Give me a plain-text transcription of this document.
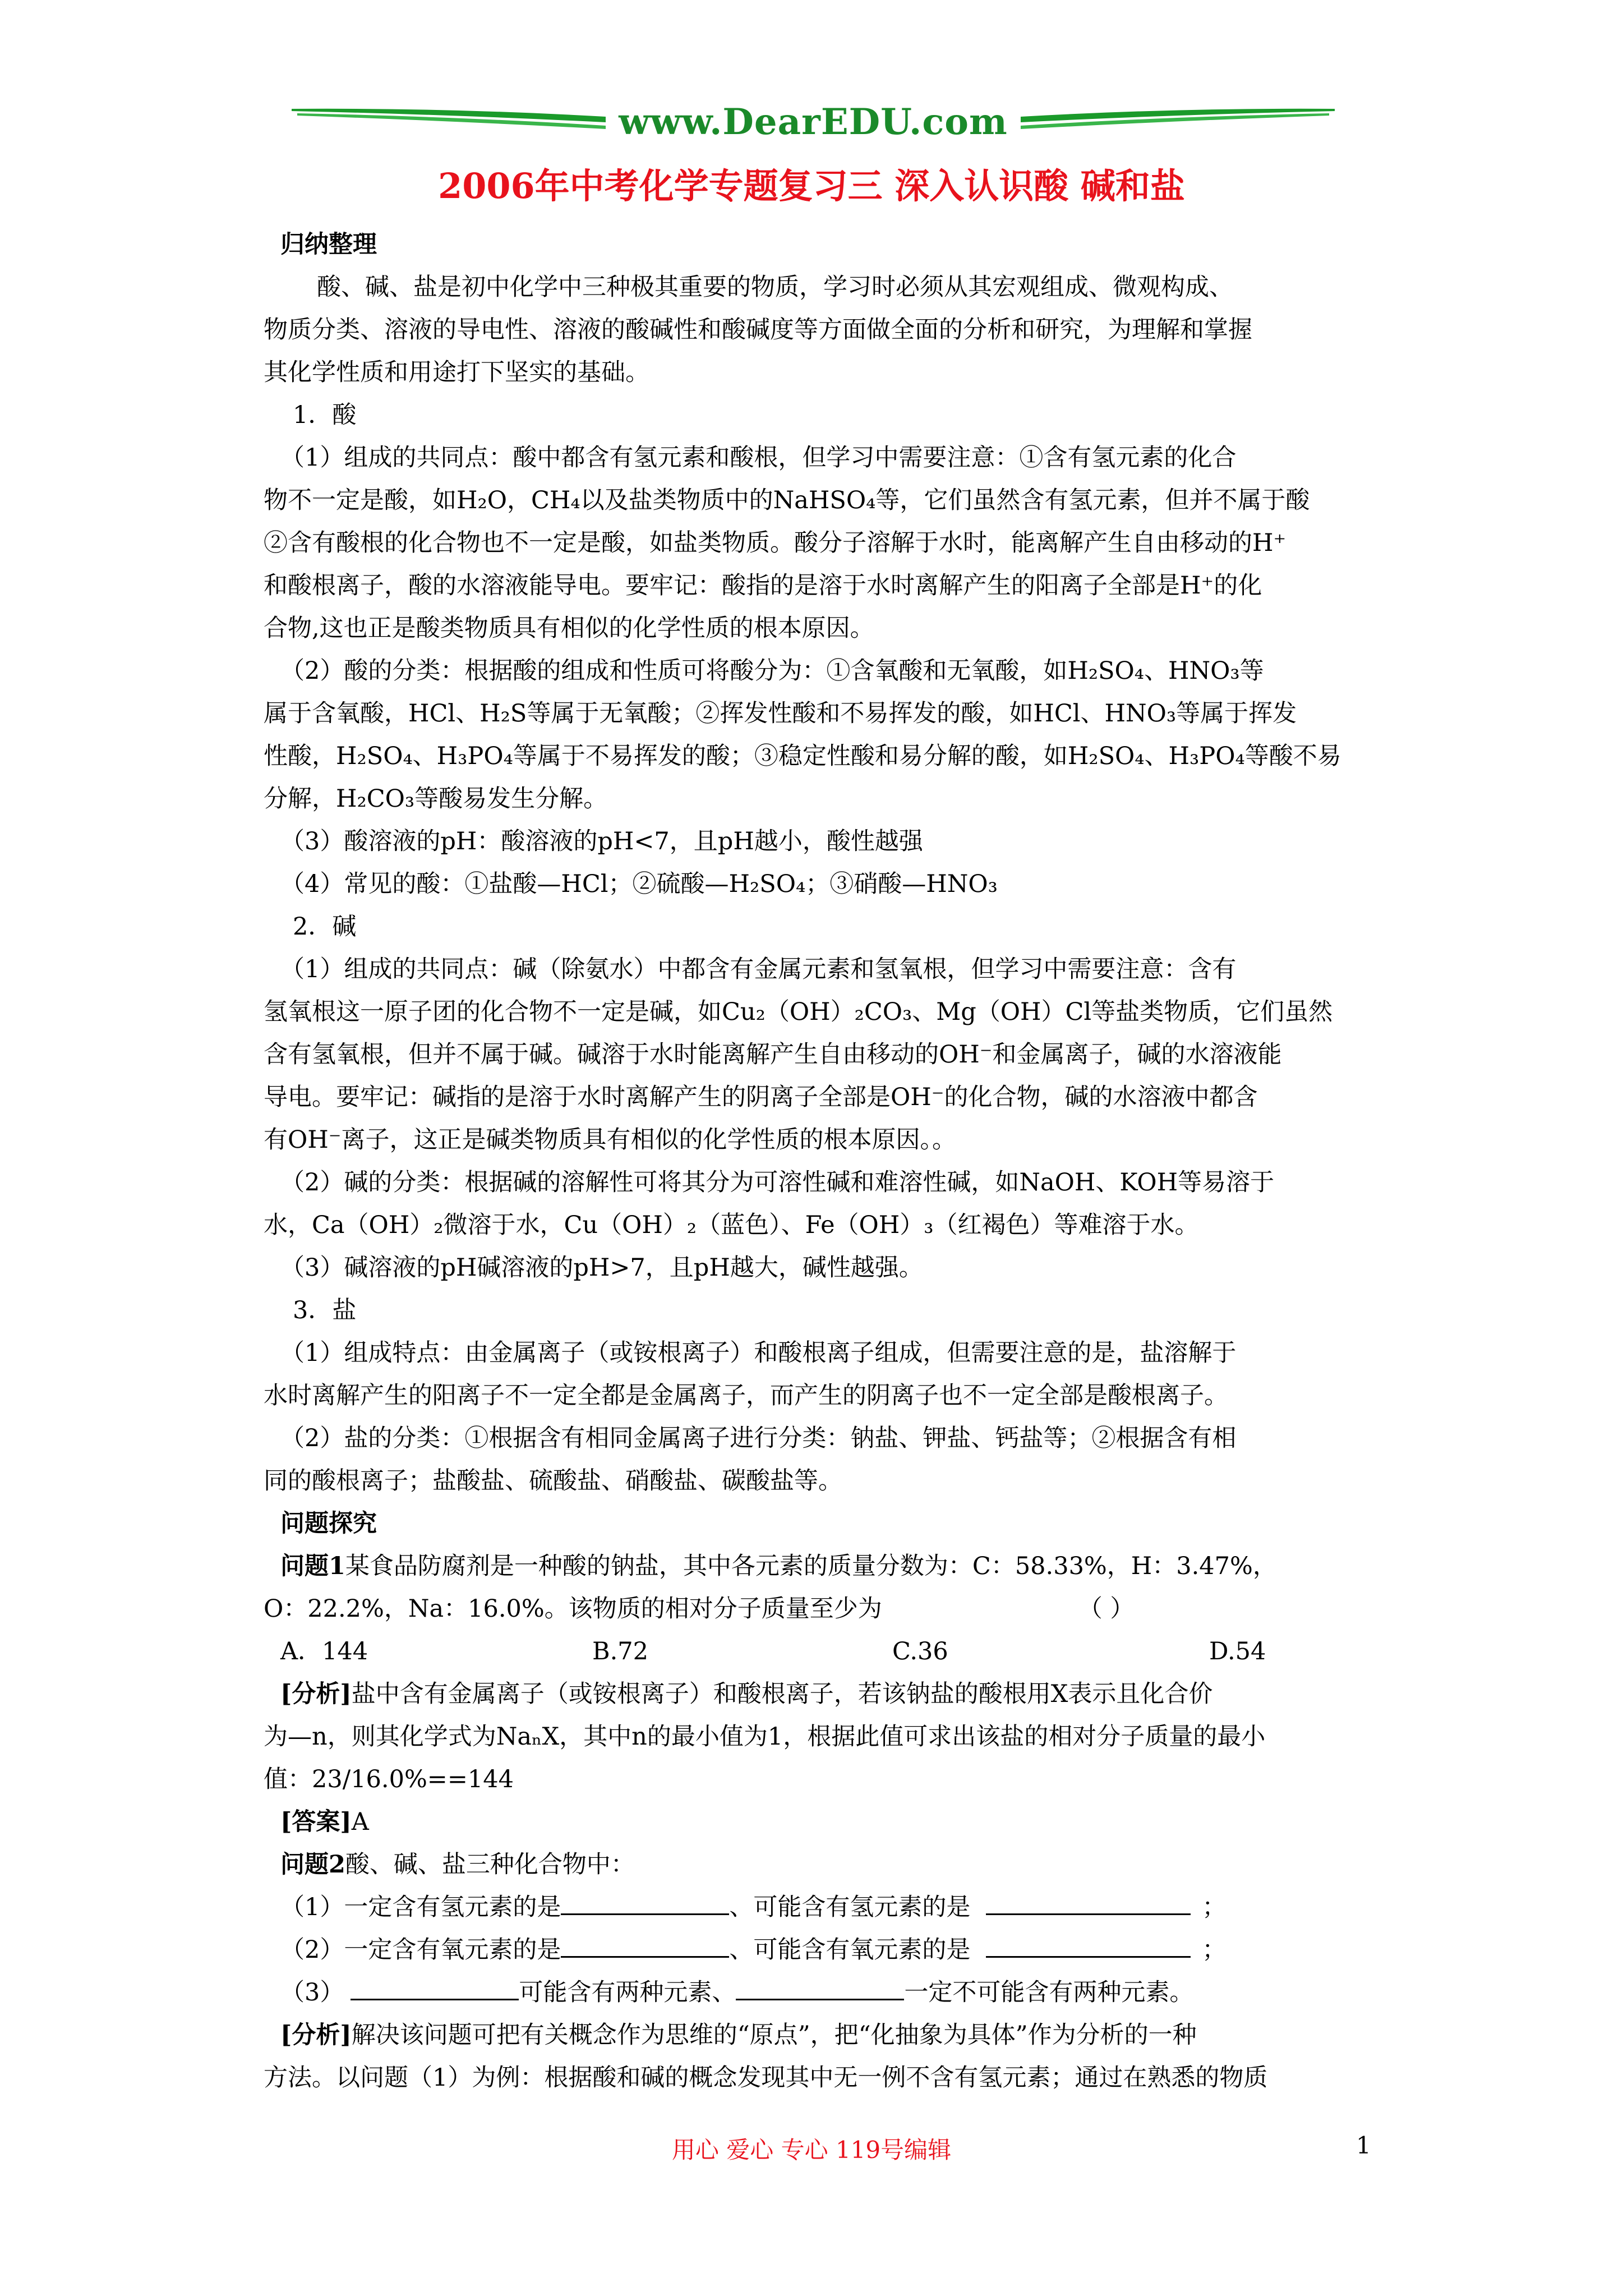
www.DearEDU.com
2006年中考化学专题复习三 深入认识酸 碱和盐

归纳整理

酸、碱、盐是初中化学中三种极其重要的物质，学习时必须从其宏观组成、微观构成、

物质分类、溶液的导电性、溶液的酸碱性和酸碱度等方面做全面的分析和研究，为理解和掌握

其化学性质和用途打下坚实的基础。

1．酸

（1）组成的共同点：酸中都含有氢元素和酸根，但学习中需要注意：①含有氢元素的化合

物不一定是酸，如H₂O，CH₄以及盐类物质中的NaHSO₄等，它们虽然含有氢元素，但并不属于酸

②含有酸根的化合物也不一定是酸，如盐类物质。酸分子溶解于水时，能离解产生自由移动的H⁺

和酸根离子，酸的水溶液能导电。要牢记：酸指的是溶于水时离解产生的阳离子全部是H⁺的化

合物,这也正是酸类物质具有相似的化学性质的根本原因。

（2）酸的分类：根据酸的组成和性质可将酸分为：①含氧酸和无氧酸，如H₂SO₄、HNO₃等

属于含氧酸，HCl、H₂S等属于无氧酸；②挥发性酸和不易挥发的酸，如HCl、HNO₃等属于挥发

性酸，H₂SO₄、H₃PO₄等属于不易挥发的酸；③稳定性酸和易分解的酸，如H₂SO₄、H₃PO₄等酸不易

分解，H₂CO₃等酸易发生分解。

（3）酸溶液的pH：酸溶液的pH<7，且pH越小，酸性越强

（4）常见的酸：①盐酸—HCl；②硫酸—H₂SO₄；③硝酸—HNO₃

2．碱

（1）组成的共同点：碱（除氨水）中都含有金属元素和氢氧根，但学习中需要注意：含有

氢氧根这一原子团的化合物不一定是碱，如Cu₂（OH）₂CO₃、Mg（OH）Cl等盐类物质，它们虽然

含有氢氧根，但并不属于碱。碱溶于水时能离解产生自由移动的OH⁻和金属离子，碱的水溶液能

导电。要牢记：碱指的是溶于水时离解产生的阴离子全部是OH⁻的化合物，碱的水溶液中都含

有OH⁻离子，这正是碱类物质具有相似的化学性质的根本原因。。

（2）碱的分类：根据碱的溶解性可将其分为可溶性碱和难溶性碱，如NaOH、KOH等易溶于

水，Ca（OH）₂微溶于水，Cu（OH）₂（蓝色）、Fe（OH）₃（红褐色）等难溶于水。

（3）碱溶液的pH碱溶液的pH>7，且pH越大，碱性越强。

3．盐

（1）组成特点：由金属离子（或铵根离子）和酸根离子组成，但需要注意的是，盐溶解于

水时离解产生的阳离子不一定全都是金属离子，而产生的阴离子也不一定全部是酸根离子。

（2）盐的分类：①根据含有相同金属离子进行分类：钠盐、钾盐、钙盐等；②根据含有相

同的酸根离子；盐酸盐、硫酸盐、硝酸盐、碳酸盐等。

问题探究

问题1某食品防腐剂是一种酸的钠盐，其中各元素的质量分数为：C：58.33%，H：3.47%，

O：22.2%，Na：16.0%。该物质的相对分子质量至少为	（ ）

A．144	B.72	C.36	D.54

[分析]盐中含有金属离子（或铵根离子）和酸根离子，若该钠盐的酸根用X表示且化合价

为—n，则其化学式为NaₙX，其中n的最小值为1，根据此值可求出该盐的相对分子质量的最小

值：23/16.0%==144

[答案]A

问题2酸、碱、盐三种化合物中：

（1）一定含有氢元素的是	、可能含有氢元素的是	；

（2）一定含有氧元素的是	、可能含有氧元素的是	；

（3）	可能含有两种元素、	一定不可能含有两种元素。

[分析]解决该问题可把有关概念作为思维的“原点”，把“化抽象为具体”作为分析的一种

方法。以问题（1）为例：根据酸和碱的概念发现其中无一例不含有氢元素；通过在熟悉的物质

用心 爱心 专心 119号编辑	1
